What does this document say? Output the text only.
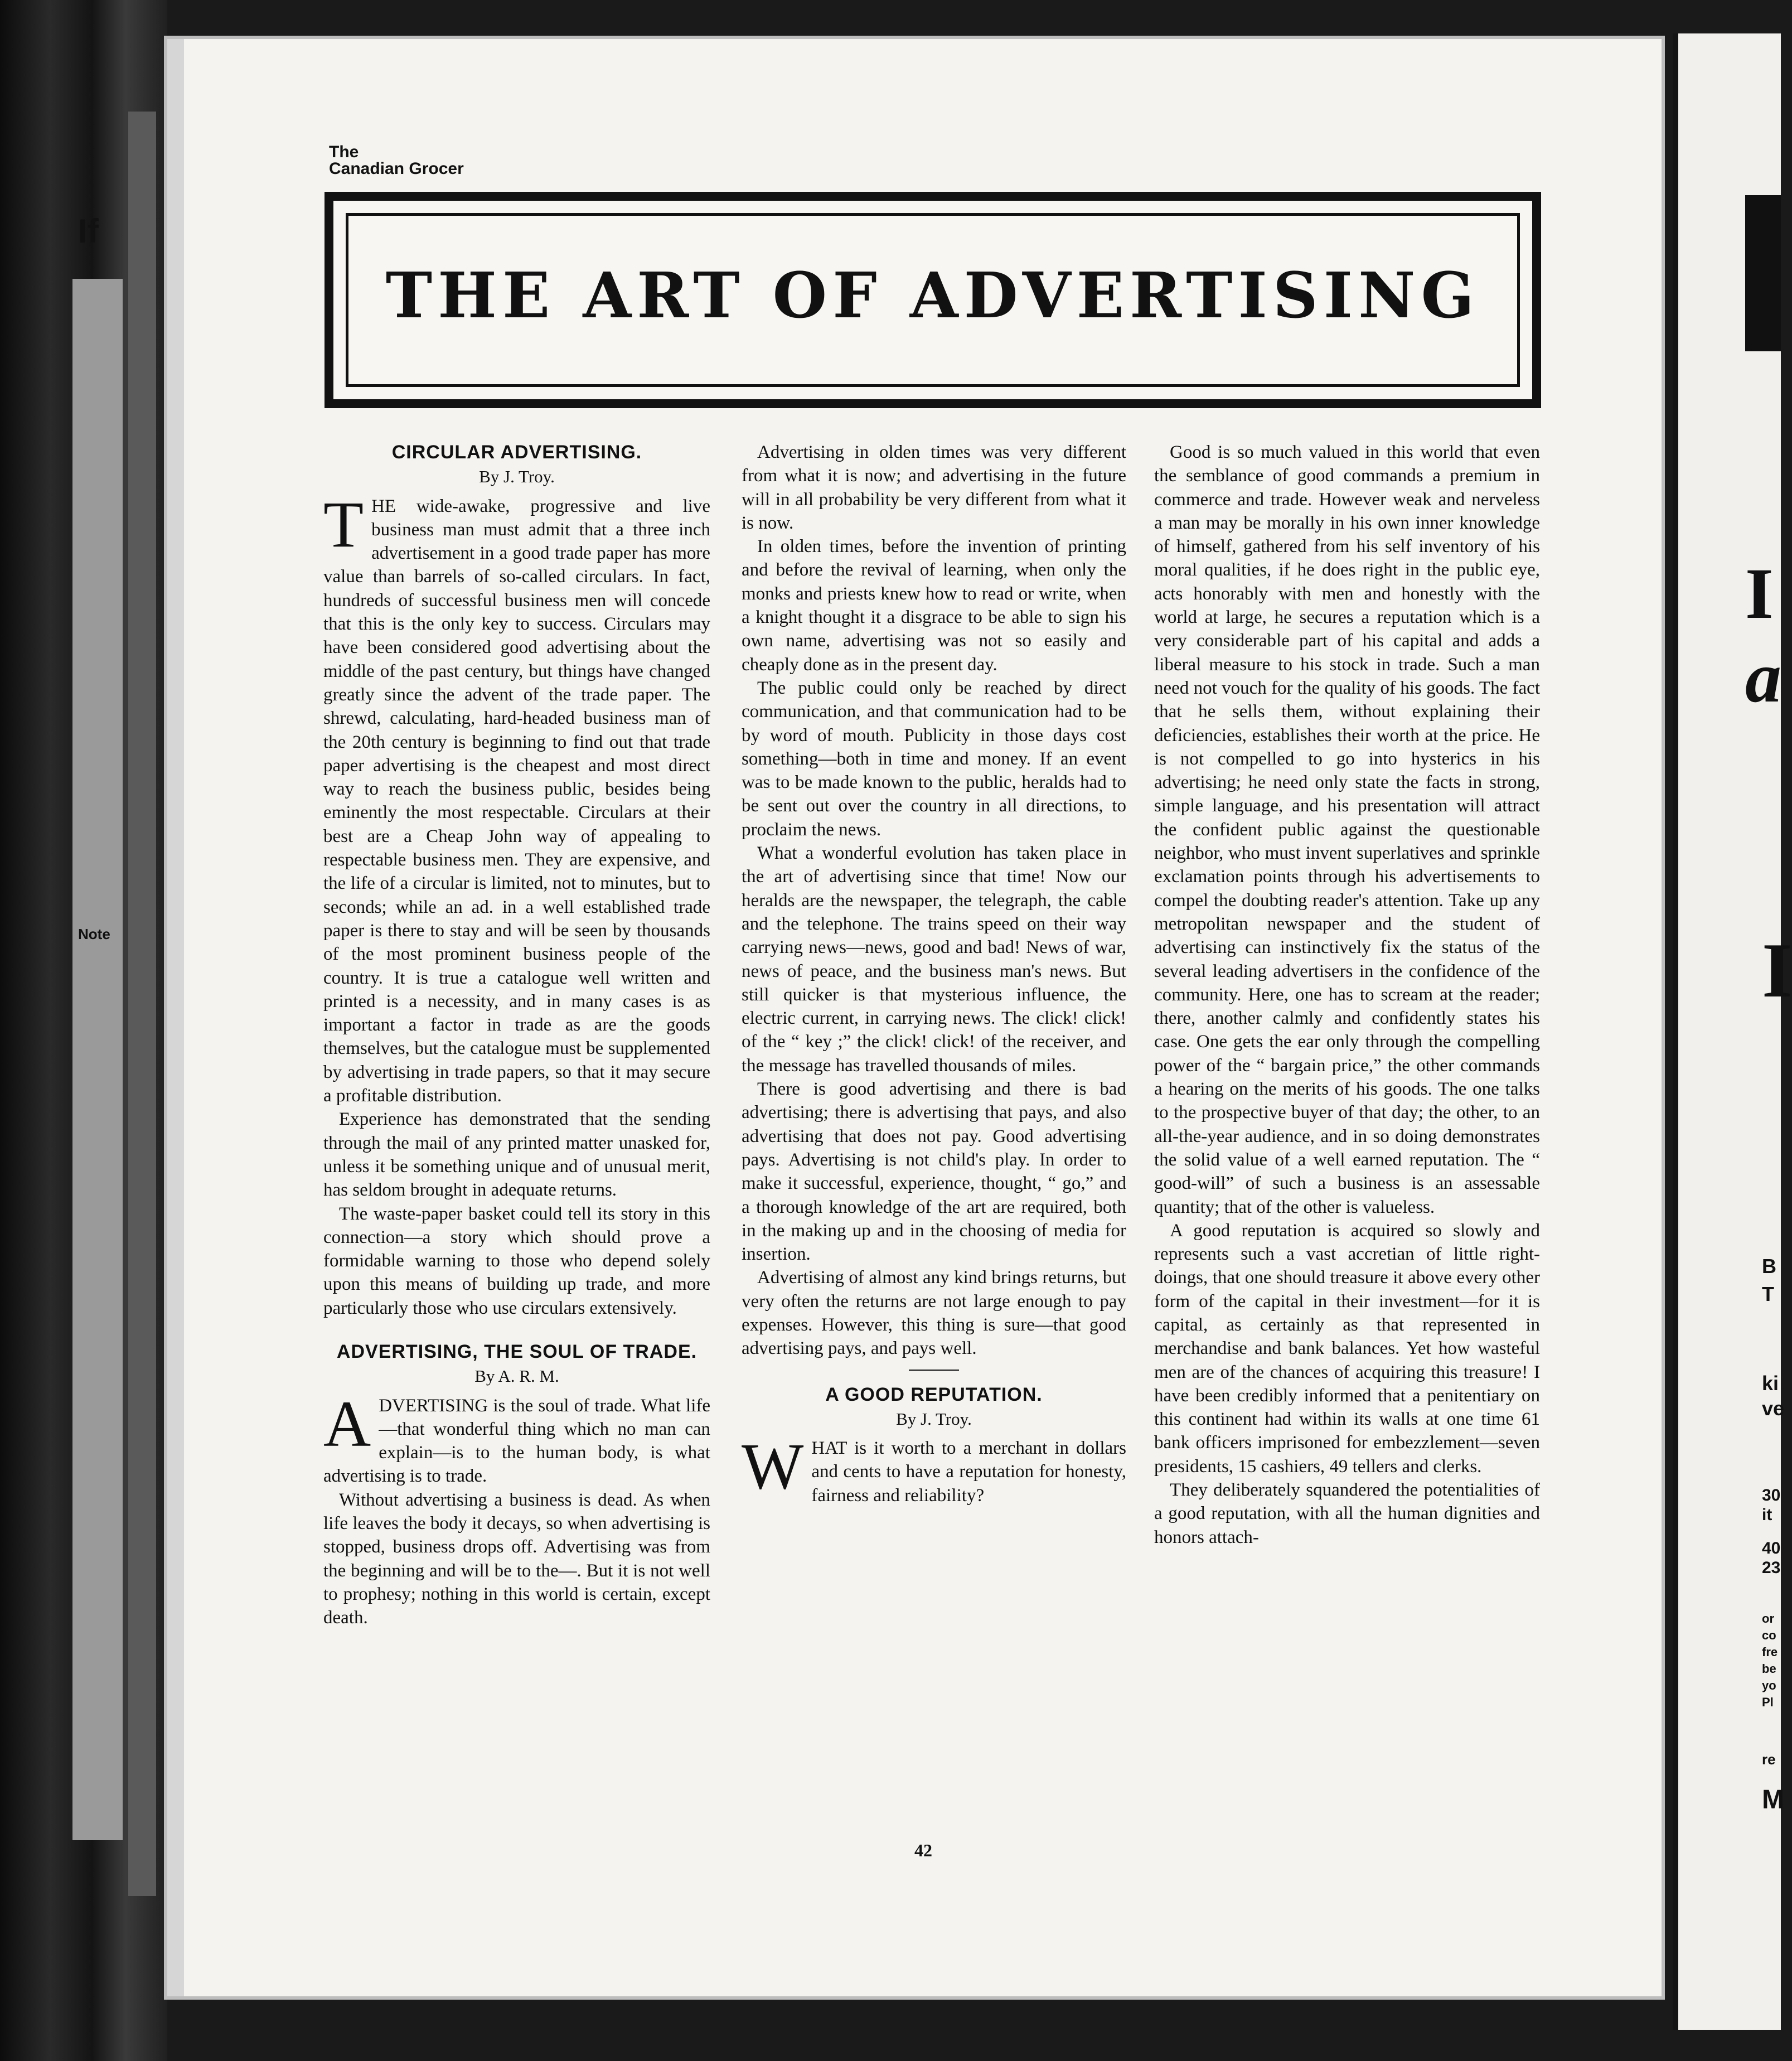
If
Note
I
a
I
B
T
ki
ve
30
it
40
23
or
co
fre
be
yo
Pl
re
M
The
Canadian Grocer
THE ART OF ADVERTISING
CIRCULAR ADVERTISING.
By J. Troy.

THE wide-awake, progressive and live business man must admit that a three inch advertisement in a good trade paper has more value than barrels of so-called circulars. In fact, hundreds of successful business men will concede that this is the only key to success. Circulars may have been considered good advertising about the middle of the past century, but things have changed greatly since the advent of the trade paper. The shrewd, calculating, hard-headed business man of the 20th century is beginning to find out that trade paper advertising is the cheapest and most direct way to reach the business public, besides being eminently the most respectable. Circulars at their best are a Cheap John way of appealing to respectable business men. They are expensive, and the life of a circular is limited, not to minutes, but to seconds; while an ad. in a well established trade paper is there to stay and will be seen by thousands of the most prominent business people of the country. It is true a catalogue well written and printed is a necessity, and in many cases is as important a factor in trade as are the goods themselves, but the catalogue must be supplemented by advertising in trade papers, so that it may secure a profitable distribution.

Experience has demonstrated that the sending through the mail of any printed matter unasked for, unless it be something unique and of unusual merit, has seldom brought in adequate returns.

The waste-paper basket could tell its story in this connection—a story which should prove a formidable warning to those who depend solely upon this means of building up trade, and more particularly those who use circulars extensively.

ADVERTISING, THE SOUL OF TRADE.
By A. R. M.

ADVERTISING is the soul of trade. What life—that wonderful thing which no man can explain—is to the human body, is what advertising is to trade.

Without advertising a business is dead. As when life leaves the body it decays, so when advertising is stopped, business drops off. Advertising was from the beginning and will be to the—. But it is not well to prophesy; nothing in this world is certain, except death.

Advertising in olden times was very different from what it is now; and advertising in the future will in all probability be very different from what it is now.

In olden times, before the invention of printing and before the revival of learning, when only the monks and priests knew how to read or write, when a knight thought it a disgrace to be able to sign his own name, advertising was not so easily and cheaply done as in the present day.

The public could only be reached by direct communication, and that communication had to be by word of mouth. Publicity in those days cost something—both in time and money. If an event was to be made known to the public, heralds had to be sent out over the country in all directions, to proclaim the news.

What a wonderful evolution has taken place in the art of advertising since that time! Now our heralds are the newspaper, the telegraph, the cable and the telephone. The trains speed on their way carrying news—news, good and bad! News of war, news of peace, and the business man's news. But still quicker is that mysterious influence, the electric current, in carrying news. The click! click! of the “ key ;” the click! click! of the receiver, and the message has travelled thousands of miles.

There is good advertising and there is bad advertising; there is advertising that pays, and also advertising that does not pay. Good advertising pays. Advertising is not child's play. In order to make it successful, experience, thought, “ go,” and a thorough knowledge of the art are required, both in the making up and in the choosing of media for insertion.

Advertising of almost any kind brings returns, but very often the returns are not large enough to pay expenses. However, this thing is sure—that good advertising pays, and pays well.

A GOOD REPUTATION.
By J. Troy.

WHAT is it worth to a merchant in dollars and cents to have a reputation for honesty, fairness and reliability?

Good is so much valued in this world that even the semblance of good commands a premium in commerce and trade. However weak and nerveless a man may be morally in his own inner knowledge of himself, gathered from his self inventory of his moral qualities, if he does right in the public eye, acts honorably with men and honestly with the world at large, he secures a reputation which is a very considerable part of his capital and adds a liberal measure to his stock in trade. Such a man need not vouch for the quality of his goods. The fact that he sells them, without explaining their deficiencies, establishes their worth at the price. He is not compelled to go into hysterics in his advertising; he need only state the facts in strong, simple language, and his presentation will attract the confident public against the questionable neighbor, who must invent superlatives and sprinkle exclamation points through his advertisements to compel the doubting reader's attention. Take up any metropolitan newspaper and the student of advertising can instinctively fix the status of the several leading advertisers in the confidence of the community. Here, one has to scream at the reader; there, another calmly and confidently states his case. One gets the ear only through the compelling power of the “ bargain price,” the other commands a hearing on the merits of his goods. The one talks to the prospective buyer of that day; the other, to an all-the-year audience, and in so doing demonstrates the solid value of a well earned reputation. The “ good-will” of such a business is an assessable quantity; that of the other is valueless.

A good reputation is acquired so slowly and represents such a vast accretian of little right-doings, that one should treasure it above every other form of the capital in their investment—for it is capital, as certainly as that represented in merchandise and bank balances. Yet how wasteful men are of the chances of acquiring this treasure! I have been credibly informed that a penitentiary on this continent had within its walls at one time 61 bank officers imprisoned for embezzlement—seven presidents, 15 cashiers, 49 tellers and clerks.

They deliberately squandered the potentialities of a good reputation, with all the human dignities and honors attach-

42
